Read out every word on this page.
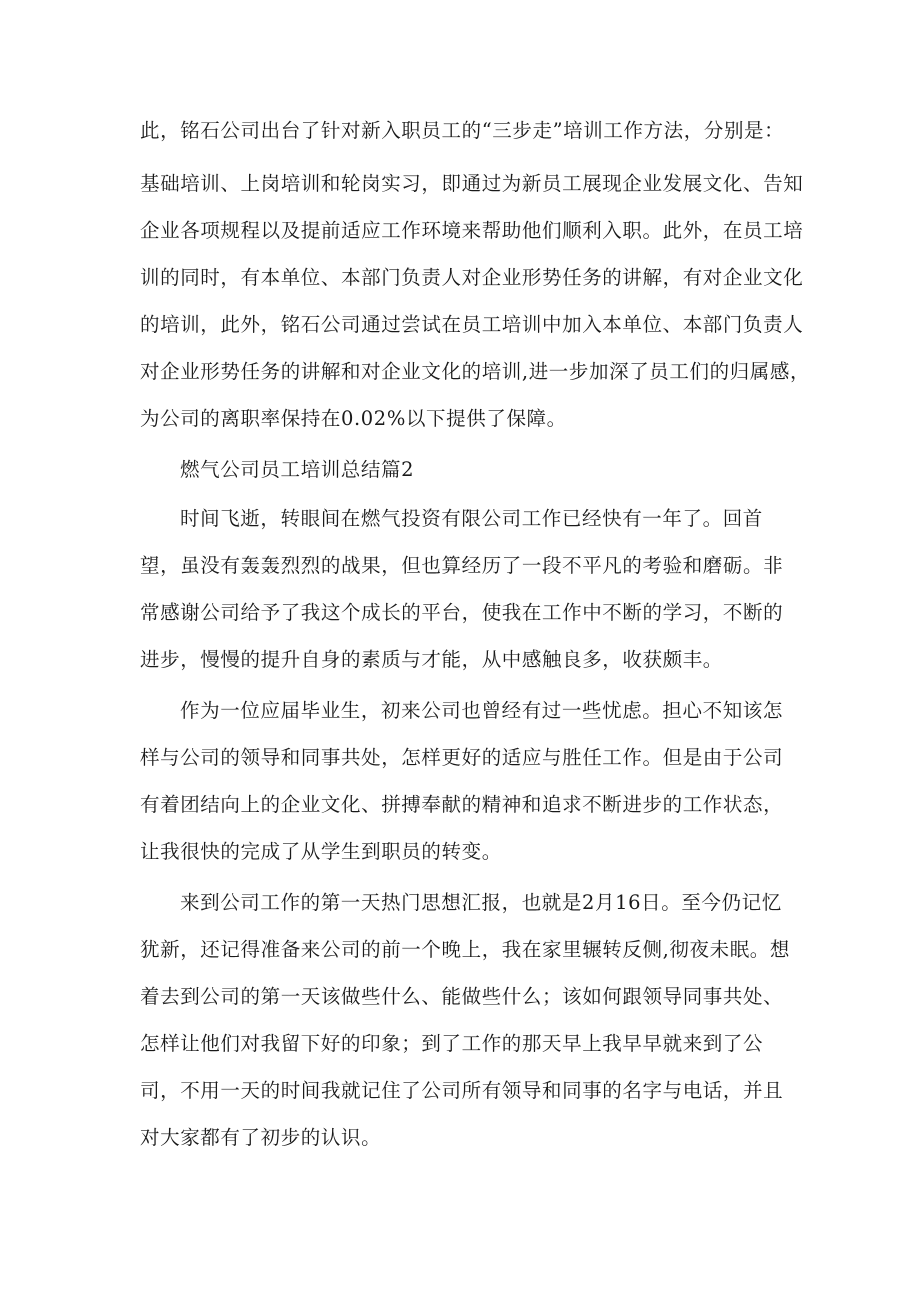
此，铭石公司出台了针对新入职员工的“三步走”培训工作方法，分别是：
基础培训、上岗培训和轮岗实习，即通过为新员工展现企业发展文化、告知
企业各项规程以及提前适应工作环境来帮助他们顺利入职。此外，在员工培
训的同时，有本单位、本部门负责人对企业形势任务的讲解，有对企业文化
的培训，此外，铭石公司通过尝试在员工培训中加入本单位、本部门负责人
对企业形势任务的讲解和对企业文化的培训,进一步加深了员工们的归属感，
为公司的离职率保持在0.02%以下提供了保障。
燃气公司员工培训总结篇2
时间飞逝，转眼间在燃气投资有限公司工作已经快有一年了。回首
望，虽没有轰轰烈烈的战果，但也算经历了一段不平凡的考验和磨砺。非
常感谢公司给予了我这个成长的平台，使我在工作中不断的学习，不断的
进步，慢慢的提升自身的素质与才能，从中感触良多，收获颇丰。
作为一位应届毕业生，初来公司也曾经有过一些忧虑。担心不知该怎
样与公司的领导和同事共处，怎样更好的适应与胜任工作。但是由于公司
有着团结向上的企业文化、拼搏奉献的精神和追求不断进步的工作状态，
让我很快的完成了从学生到职员的转变。
来到公司工作的第一天热门思想汇报，也就是2月16日。至今仍记忆
犹新，还记得准备来公司的前一个晚上，我在家里辗转反侧,彻夜未眠。想
着去到公司的第一天该做些什么、能做些什么；该如何跟领导同事共处、
怎样让他们对我留下好的印象；到了工作的那天早上我早早就来到了公
司，不用一天的时间我就记住了公司所有领导和同事的名字与电话，并且
对大家都有了初步的认识。
